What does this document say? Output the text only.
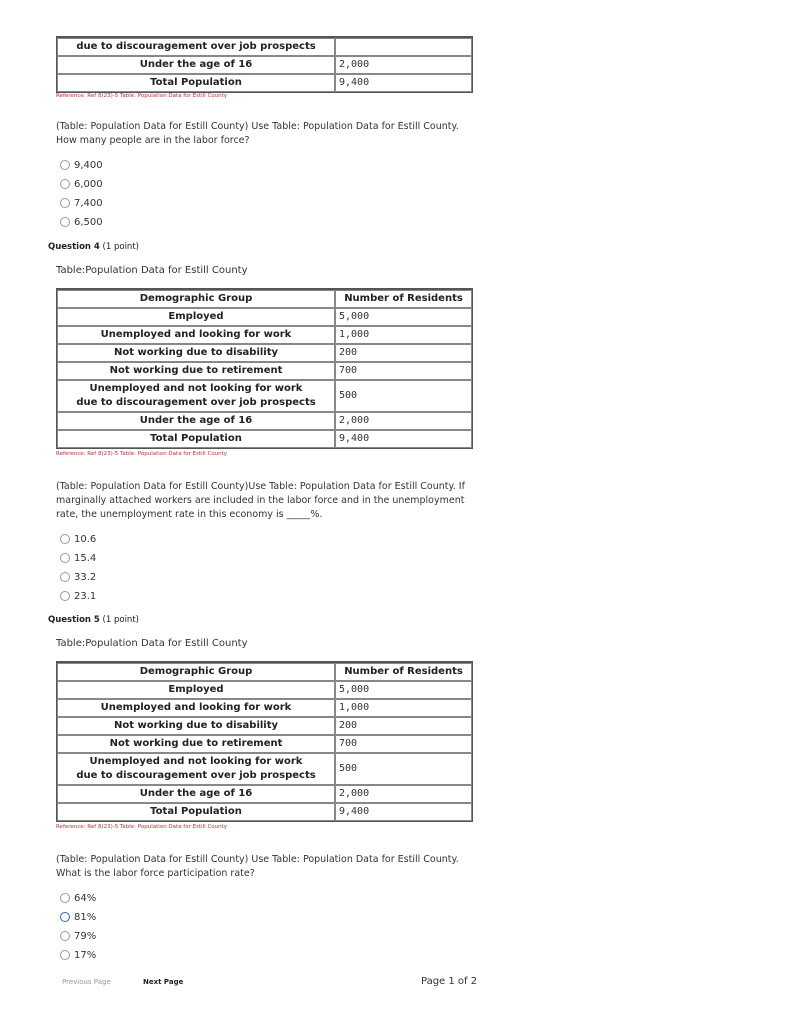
due to discouragement over job prospects	
Under the age of 16	2,000
Total Population	9,400
Reference: Ref 8(23)-5 Table: Population Data for Estill County
(Table: Population Data for Estill County) Use Table: Population Data for Estill County. How many people are in the labor force?
9,400
6,000
7,400
6,500
Question 4 (1 point)
Table:Population Data for Estill County
Demographic Group	Number of Residents
Employed	5,000
Unemployed and looking for work	1,000
Not working due to disability	200
Not working due to retirement	700

Unemployed and not looking for work
due to discouragement over job prospects	500
Under the age of 16	2,000
Total Population	9,400
Reference: Ref 8(23)-5 Table: Population Data for Estill County
(Table: Population Data for Estill County)Use Table: Population Data for Estill County. If marginally attached workers are included in the labor force and in the unemployment rate, the unemployment rate in this economy is _____%.
10.6
15.4
33.2
23.1
Question 5 (1 point)
Table:Population Data for Estill County
Demographic Group	Number of Residents
Employed	5,000
Unemployed and looking for work	1,000
Not working due to disability	200
Not working due to retirement	700

Unemployed and not looking for work
due to discouragement over job prospects	500
Under the age of 16	2,000
Total Population	9,400
Reference: Ref 8(23)-5 Table: Population Data for Estill County
(Table: Population Data for Estill County) Use Table: Population Data for Estill County. What is the labor force participation rate?
64%
81%
79%
17%
Previous Page	Next Page	Page 1 of 2
